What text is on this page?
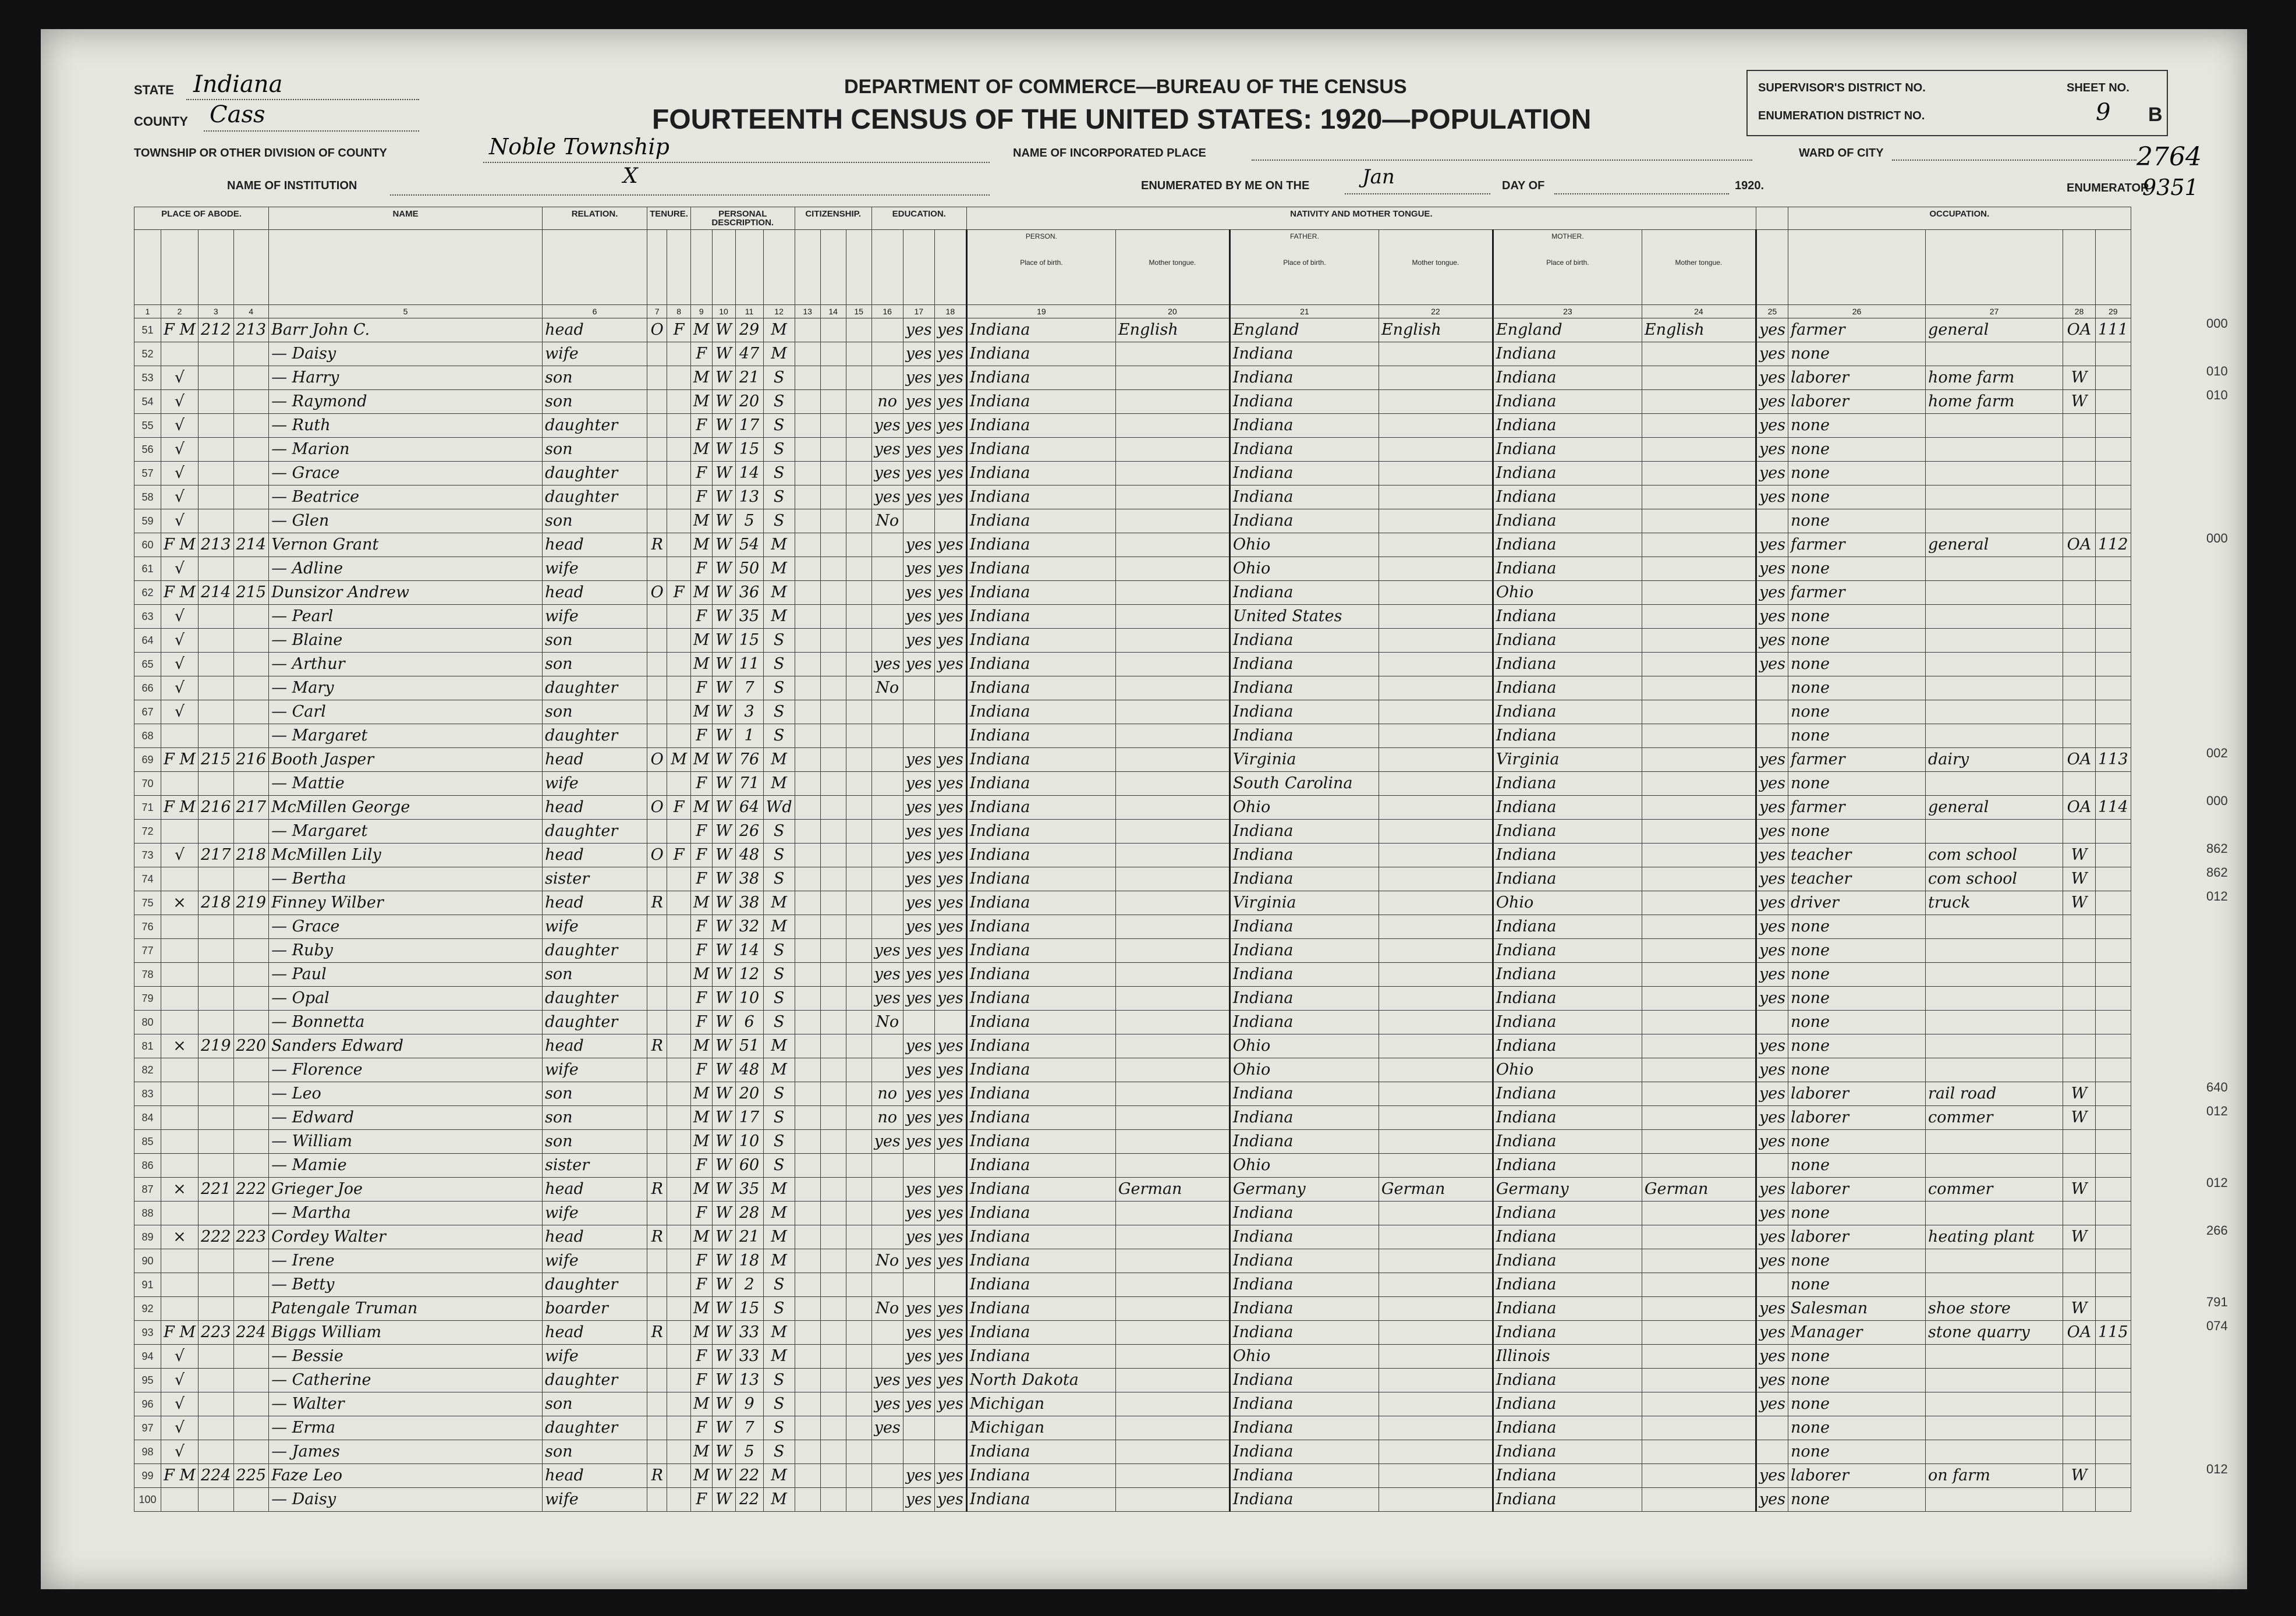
STATE Indiana
COUNTY Cass
TOWNSHIP OR OTHER DIVISION OF COUNTY	Noble Township
NAME OF INSTITUTION	X
DEPARTMENT OF COMMERCE—BUREAU OF THE CENSUS
FOURTEENTH CENSUS OF THE UNITED STATES: 1920—POPULATION
NAME OF INCORPORATED PLACE
ENUMERATED BY ME ON THE	Jan	DAY OF	1920.
SUPERVISOR'S DISTRICT NO.
ENUMERATION DISTRICT NO.
SHEET NO.
9 B
WARD OF CITY	2764
ENUMERATOR
9351
PLACE OF ABODE.				NAME	RELATION.	TENURE.		PERSONAL DESCRIPTION.				CITIZENSHIP.			EDUCATION.			NATIVITY AND MOTHER TONGUE.							OCCUPATION.			
																		PERSON.

Place of birth.	Mother tongue.	FATHER.

Place of birth.	Mother tongue.	MOTHER.

Place of birth.	Mother tongue.					
1	2	3	4	5	6	7	8	9	10	11	12	13	14	15	16	17	18	19	20	21	22	23	24	25	26	27	28	29
51	F M	212	213	Barr John C.	head	O	F	M	W	29	M					yes	yes	Indiana	English	England	English	England	English	yes	farmer	general	OA	111
52				— Daisy	wife			F	W	47	M					yes	yes	Indiana		Indiana		Indiana		yes	none			
53	√			— Harry	son			M	W	21	S					yes	yes	Indiana		Indiana		Indiana		yes	laborer	home farm	W	
54	√			— Raymond	son			M	W	20	S				no	yes	yes	Indiana		Indiana		Indiana		yes	laborer	home farm	W	
55	√			— Ruth	daughter			F	W	17	S				yes	yes	yes	Indiana		Indiana		Indiana		yes	none			
56	√			— Marion	son			M	W	15	S				yes	yes	yes	Indiana		Indiana		Indiana		yes	none			
57	√			— Grace	daughter			F	W	14	S				yes	yes	yes	Indiana		Indiana		Indiana		yes	none			
58	√			— Beatrice	daughter			F	W	13	S				yes	yes	yes	Indiana		Indiana		Indiana		yes	none			
59	√			— Glen	son			M	W	5	S				No			Indiana		Indiana		Indiana			none			
60	F M	213	214	Vernon Grant	head	R		M	W	54	M					yes	yes	Indiana		Ohio		Indiana		yes	farmer	general	OA	112
61	√			— Adline	wife			F	W	50	M					yes	yes	Indiana		Ohio		Indiana		yes	none			
62	F M	214	215	Dunsizor Andrew	head	O	F	M	W	36	M					yes	yes	Indiana		Indiana		Ohio		yes	farmer			
63	√			— Pearl	wife			F	W	35	M					yes	yes	Indiana		United States		Indiana		yes	none			
64	√			— Blaine	son			M	W	15	S					yes	yes	Indiana		Indiana		Indiana		yes	none			
65	√			— Arthur	son			M	W	11	S				yes	yes	yes	Indiana		Indiana		Indiana		yes	none			
66	√			— Mary	daughter			F	W	7	S				No			Indiana		Indiana		Indiana			none			
67	√			— Carl	son			M	W	3	S							Indiana		Indiana		Indiana			none			
68				— Margaret	daughter			F	W	1	S							Indiana		Indiana		Indiana			none			
69	F M	215	216	Booth Jasper	head	O	M	M	W	76	M					yes	yes	Indiana		Virginia		Virginia		yes	farmer	dairy	OA	113
70				— Mattie	wife			F	W	71	M					yes	yes	Indiana		South Carolina		Indiana		yes	none			
71	F M	216	217	McMillen George	head	O	F	M	W	64	Wd					yes	yes	Indiana		Ohio		Indiana		yes	farmer	general	OA	114
72				— Margaret	daughter			F	W	26	S					yes	yes	Indiana		Indiana		Indiana		yes	none			
73	√	217	218	McMillen Lily	head	O	F	F	W	48	S					yes	yes	Indiana		Indiana		Indiana		yes	teacher	com school	W	
74				— Bertha	sister			F	W	38	S					yes	yes	Indiana		Indiana		Indiana		yes	teacher	com school	W	
75	×	218	219	Finney Wilber	head	R		M	W	38	M					yes	yes	Indiana		Virginia		Ohio		yes	driver	truck	W	
76				— Grace	wife			F	W	32	M					yes	yes	Indiana		Indiana		Indiana		yes	none			
77				— Ruby	daughter			F	W	14	S				yes	yes	yes	Indiana		Indiana		Indiana		yes	none			
78				— Paul	son			M	W	12	S				yes	yes	yes	Indiana		Indiana		Indiana		yes	none			
79				— Opal	daughter			F	W	10	S				yes	yes	yes	Indiana		Indiana		Indiana		yes	none			
80				— Bonnetta	daughter			F	W	6	S				No			Indiana		Indiana		Indiana			none			
81	×	219	220	Sanders Edward	head	R		M	W	51	M					yes	yes	Indiana		Ohio		Indiana		yes	none			
82				— Florence	wife			F	W	48	M					yes	yes	Indiana		Ohio		Ohio		yes	none			
83				— Leo	son			M	W	20	S				no	yes	yes	Indiana		Indiana		Indiana		yes	laborer	rail road	W	
84				— Edward	son			M	W	17	S				no	yes	yes	Indiana		Indiana		Indiana		yes	laborer	commer	W	
85				— William	son			M	W	10	S				yes	yes	yes	Indiana		Indiana		Indiana		yes	none			
86				— Mamie	sister			F	W	60	S							Indiana		Ohio		Indiana			none			
87	×	221	222	Grieger Joe	head	R		M	W	35	M					yes	yes	Indiana	German	Germany	German	Germany	German	yes	laborer	commer	W	
88				— Martha	wife			F	W	28	M					yes	yes	Indiana		Indiana		Indiana		yes	none			
89	×	222	223	Cordey Walter	head	R		M	W	21	M					yes	yes	Indiana		Indiana		Indiana		yes	laborer	heating plant	W	
90				— Irene	wife			F	W	18	M				No	yes	yes	Indiana		Indiana		Indiana		yes	none			
91				— Betty	daughter			F	W	2	S							Indiana		Indiana		Indiana			none			
92				Patengale Truman	boarder			M	W	15	S				No	yes	yes	Indiana		Indiana		Indiana		yes	Salesman	shoe store	W	
93	F M	223	224	Biggs William	head	R		M	W	33	M					yes	yes	Indiana		Indiana		Indiana		yes	Manager	stone quarry	OA	115
94	√			— Bessie	wife			F	W	33	M					yes	yes	Indiana		Ohio		Illinois		yes	none			
95	√			— Catherine	daughter			F	W	13	S				yes	yes	yes	North Dakota		Indiana		Indiana		yes	none			
96	√			— Walter	son			M	W	9	S				yes	yes	yes	Michigan		Indiana		Indiana		yes	none			
97	√			— Erma	daughter			F	W	7	S				yes			Michigan		Indiana		Indiana			none			
98	√			— James	son			M	W	5	S							Indiana		Indiana		Indiana			none			
99	F M	224	225	Faze Leo	head	R		M	W	22	M					yes	yes	Indiana		Indiana		Indiana		yes	laborer	on farm	W	
100				— Daisy	wife			F	W	22	M					yes	yes	Indiana		Indiana		Indiana		yes	none			
000
010
010
000
002
000
862
862
012
640
012
012
266
791
074
012
